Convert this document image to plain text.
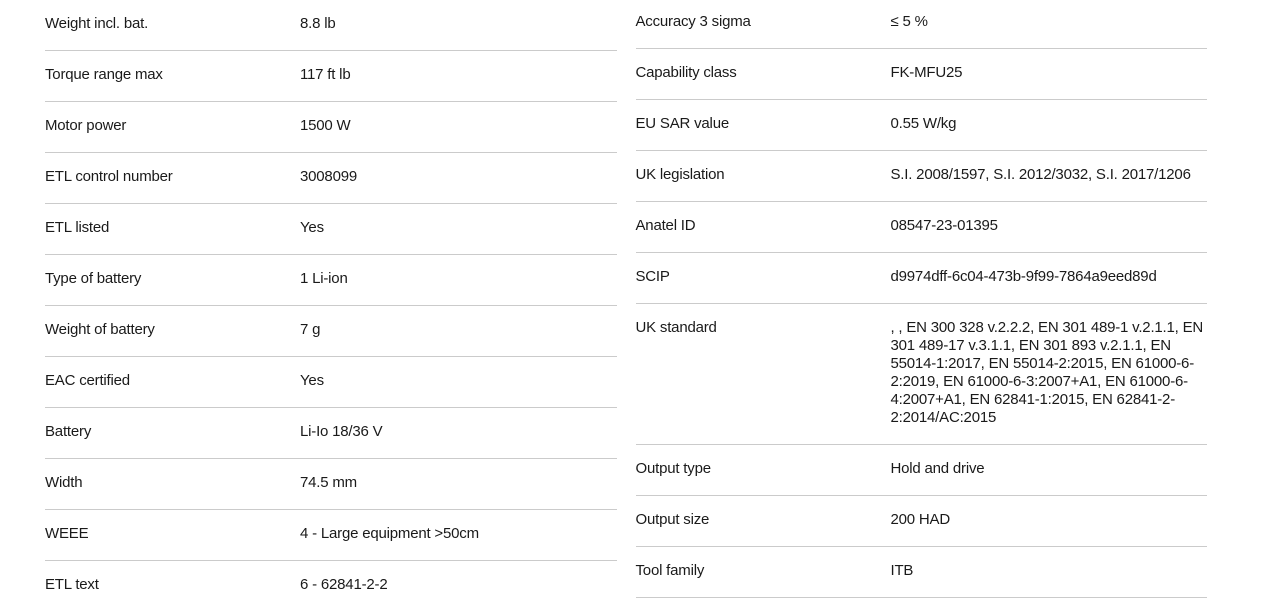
Weight incl. bat.	8.8 lb
Torque range max	117 ft lb
Motor power	1500 W
ETL control number	3008099
ETL listed	Yes
Type of battery	1 Li-ion
Weight of battery	7 g
EAC certified	Yes
Battery	Li-Io 18/36 V
Width	74.5 mm
WEEE	4 - Large equipment >50cm
ETL text	6 - 62841-2-2
Accuracy 3 sigma	≤ 5 %
Capability class	FK-MFU25
EU SAR value	0.55 W/kg
UK legislation	S.I. 2008/1597, S.I. 2012/3032, S.I. 2017/1206
Anatel ID	08547-23-01395
SCIP	d9974dff-6c04-473b-9f99-7864a9eed89d
UK standard	, , EN 300 328 v.2.2.2, EN 301 489-1 v.2.1.1, EN 301 489-17 v.3.1.1, EN 301 893 v.2.1.1, EN 55014-1:2017, EN 55014-2:2015, EN 61000-6-2:2019, EN 61000-6-3:2007+A1, EN 61000-6-4:2007+A1, EN 62841-1:2015, EN 62841-2-2:2014/AC:2015
Output type	Hold and drive
Output size	200 HAD
Tool family	ITB
